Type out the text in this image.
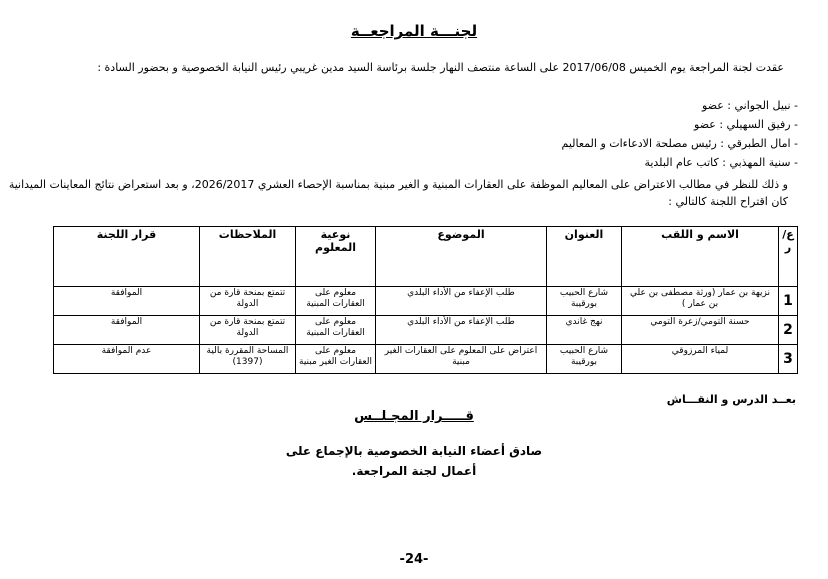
لجنـــة المراجعــة
عقدت لجنة المراجعة يوم الخميس 2017/06/08 على الساعة منتصف النهار جلسة برئاسة السيد مدين غريبي رئيس النيابة الخصوصية و بحضور السادة :
- نبيل الجواني : عضو
- رفيق السهيلي : عضو
- امال الطبرقي : رئيس مصلحة الادعاءات و المعاليم
- سنية المهذبي : كاتب عام البلدية
و ذلك للنظر في مطالب الاعتراض على المعاليم الموظفة على العقارات المبنية و الغير مبنية بمناسبة الإحصاء العشري 2026/2017، و بعد استعراض نتائج المعاينات الميدانية كان اقتراح اللجنة كالتالي :
ع/ر	الاسم و اللقب	العنوان	الموضوع	نوعية المعلوم	الملاحظات	قرار اللجنة
1	نزيهة بن عمار (ورثة مصطفى بن علي بن عمار )	شارع الحبيب بورقيبة	طلب الإعفاء من الأداء البلدي	معلوم على العقارات المبنية	تتمتع بمنحة قارة من الدولة	الموافقة
2	حسنة التومي/زعرة التومي	نهج غاندي	طلب الإعفاء من الأداء البلدي	معلوم على العقارات المبنية	تتمتع بمنحة قارة من الدولة	الموافقة
3	لمياء المرزوقي	شارع الحبيب بورقيبة	اعتراض على المعلوم على العقارات الغير مبنية	معلوم على العقارات الغير مبنية	المساحة المقررة بالية (1397)	عدم الموافقة
بعــد الدرس و النقـــاش
قـــــرار المجـلــس
صادق أعضاء النيابة الخصوصية بالإجماع على
أعمال لجنة المراجعة.
-24-
